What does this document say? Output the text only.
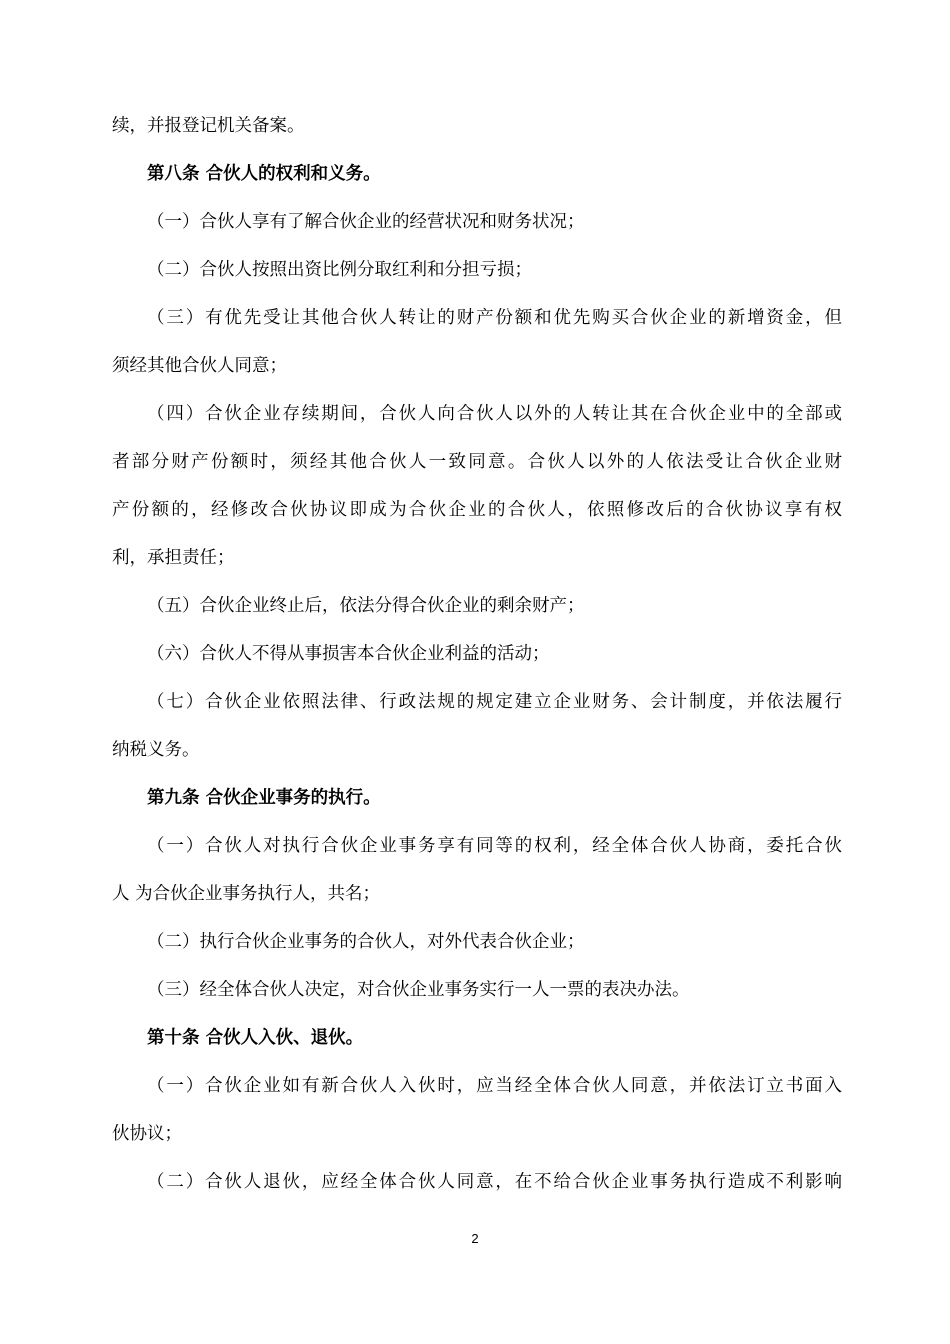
续，并报登记机关备案。
第八条 合伙人的权利和义务。
（一）合伙人享有了解合伙企业的经营状况和财务状况；
（二）合伙人按照出资比例分取红利和分担亏损；
（三）有优先受让其他合伙人转让的财产份额和优先购买合伙企业的新增资金，但
须经其他合伙人同意；
（四）合伙企业存续期间，合伙人向合伙人以外的人转让其在合伙企业中的全部或
者部分财产份额时，须经其他合伙人一致同意。合伙人以外的人依法受让合伙企业财
产份额的，经修改合伙协议即成为合伙企业的合伙人，依照修改后的合伙协议享有权
利，承担责任；
（五）合伙企业终止后，依法分得合伙企业的剩余财产；
（六）合伙人不得从事损害本合伙企业利益的活动；
（七）合伙企业依照法律、行政法规的规定建立企业财务、会计制度，并依法履行
纳税义务。
第九条 合伙企业事务的执行。
（一）合伙人对执行合伙企业事务享有同等的权利，经全体合伙人协商，委托合伙
人 为合伙企业事务执行人，共名；
（二）执行合伙企业事务的合伙人，对外代表合伙企业；
（三）经全体合伙人决定，对合伙企业事务实行一人一票的表决办法。
第十条 合伙人入伙、退伙。
（一）合伙企业如有新合伙人入伙时，应当经全体合伙人同意，并依法订立书面入
伙协议；
（二）合伙人退伙，应经全体合伙人同意，在不给合伙企业事务执行造成不利影响
2
